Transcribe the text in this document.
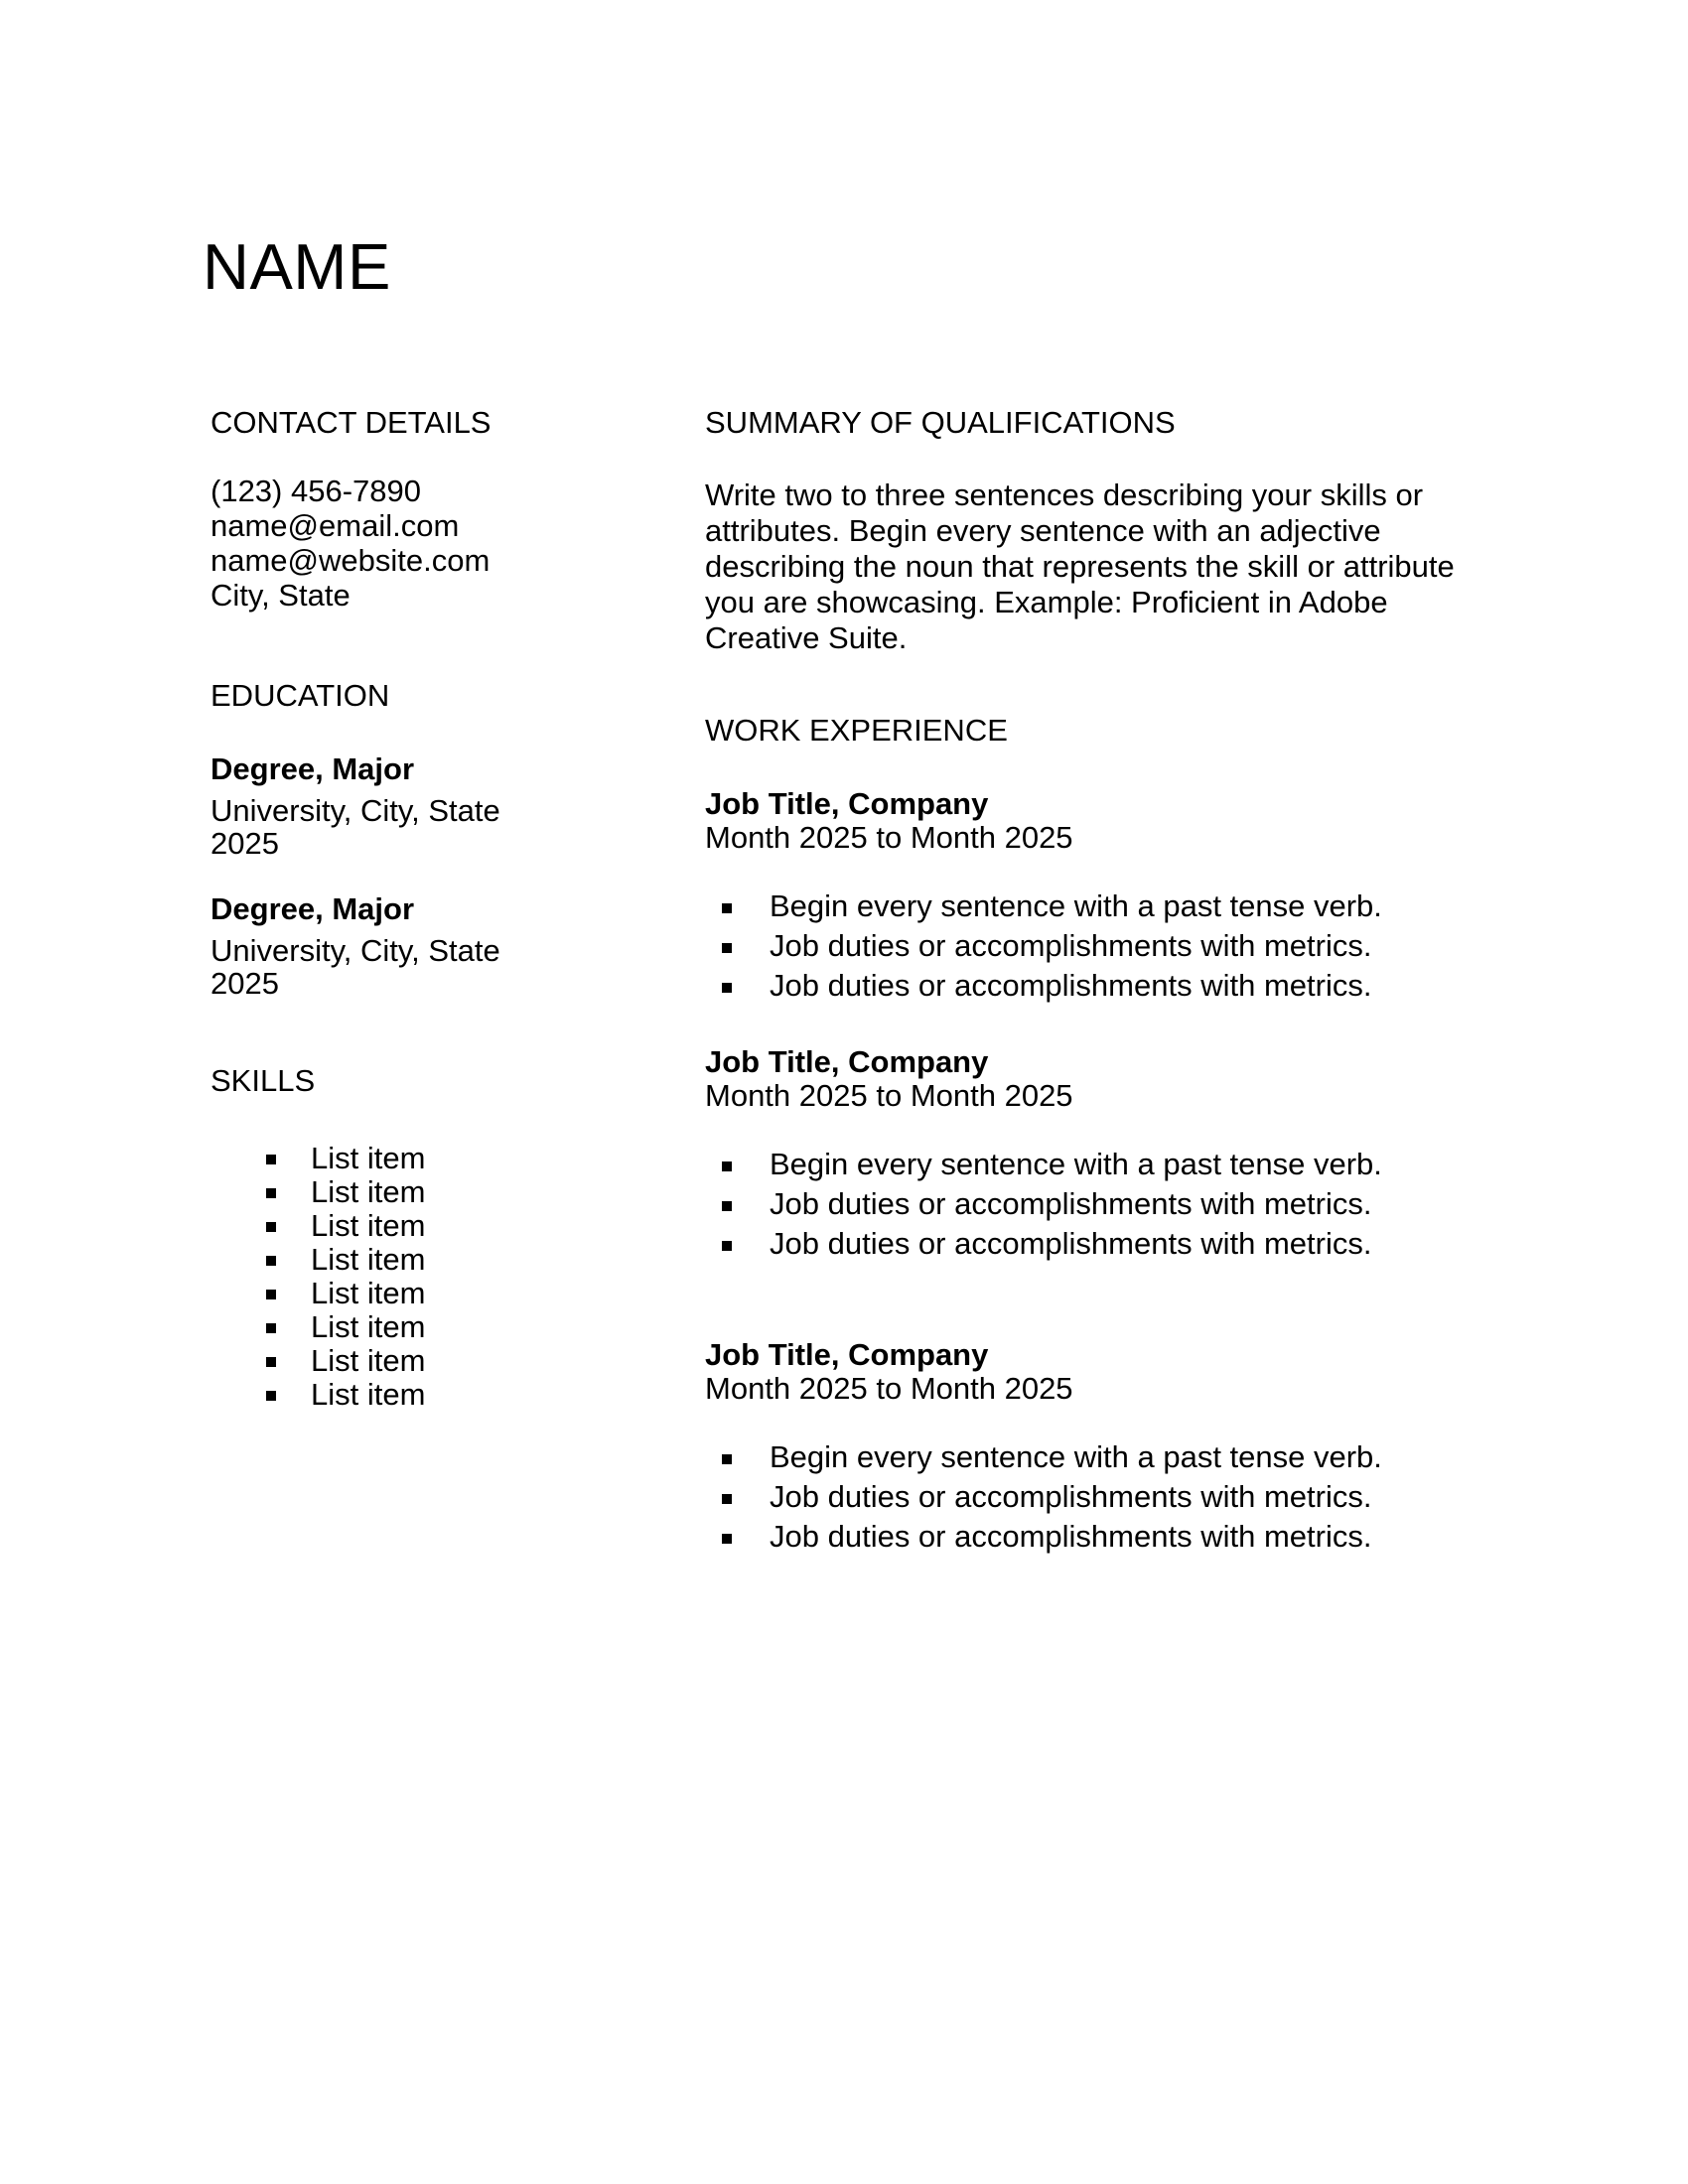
NAME
CONTACT DETAILS
(123) 456-7890
name@email.com
name@website.com
City, State
EDUCATION
Degree, Major
University, City, State
2025
Degree, Major
University, City, State
2025
SKILLS
List item
List item
List item
List item
List item
List item
List item
List item
SUMMARY OF QUALIFICATIONS

Write two to three sentences describing your skills or attributes. Begin every sentence with an adjective describing the noun that represents the skill or attribute you are showcasing. Example: Proficient in Adobe Creative Suite.

WORK EXPERIENCE
Job Title, Company
Month 2025 to Month 2025
Begin every sentence with a past tense verb.
Job duties or accomplishments with metrics.
Job duties or accomplishments with metrics.
Job Title, Company
Month 2025 to Month 2025
Begin every sentence with a past tense verb.
Job duties or accomplishments with metrics.
Job duties or accomplishments with metrics.
Job Title, Company
Month 2025 to Month 2025
Begin every sentence with a past tense verb.
Job duties or accomplishments with metrics.
Job duties or accomplishments with metrics.
